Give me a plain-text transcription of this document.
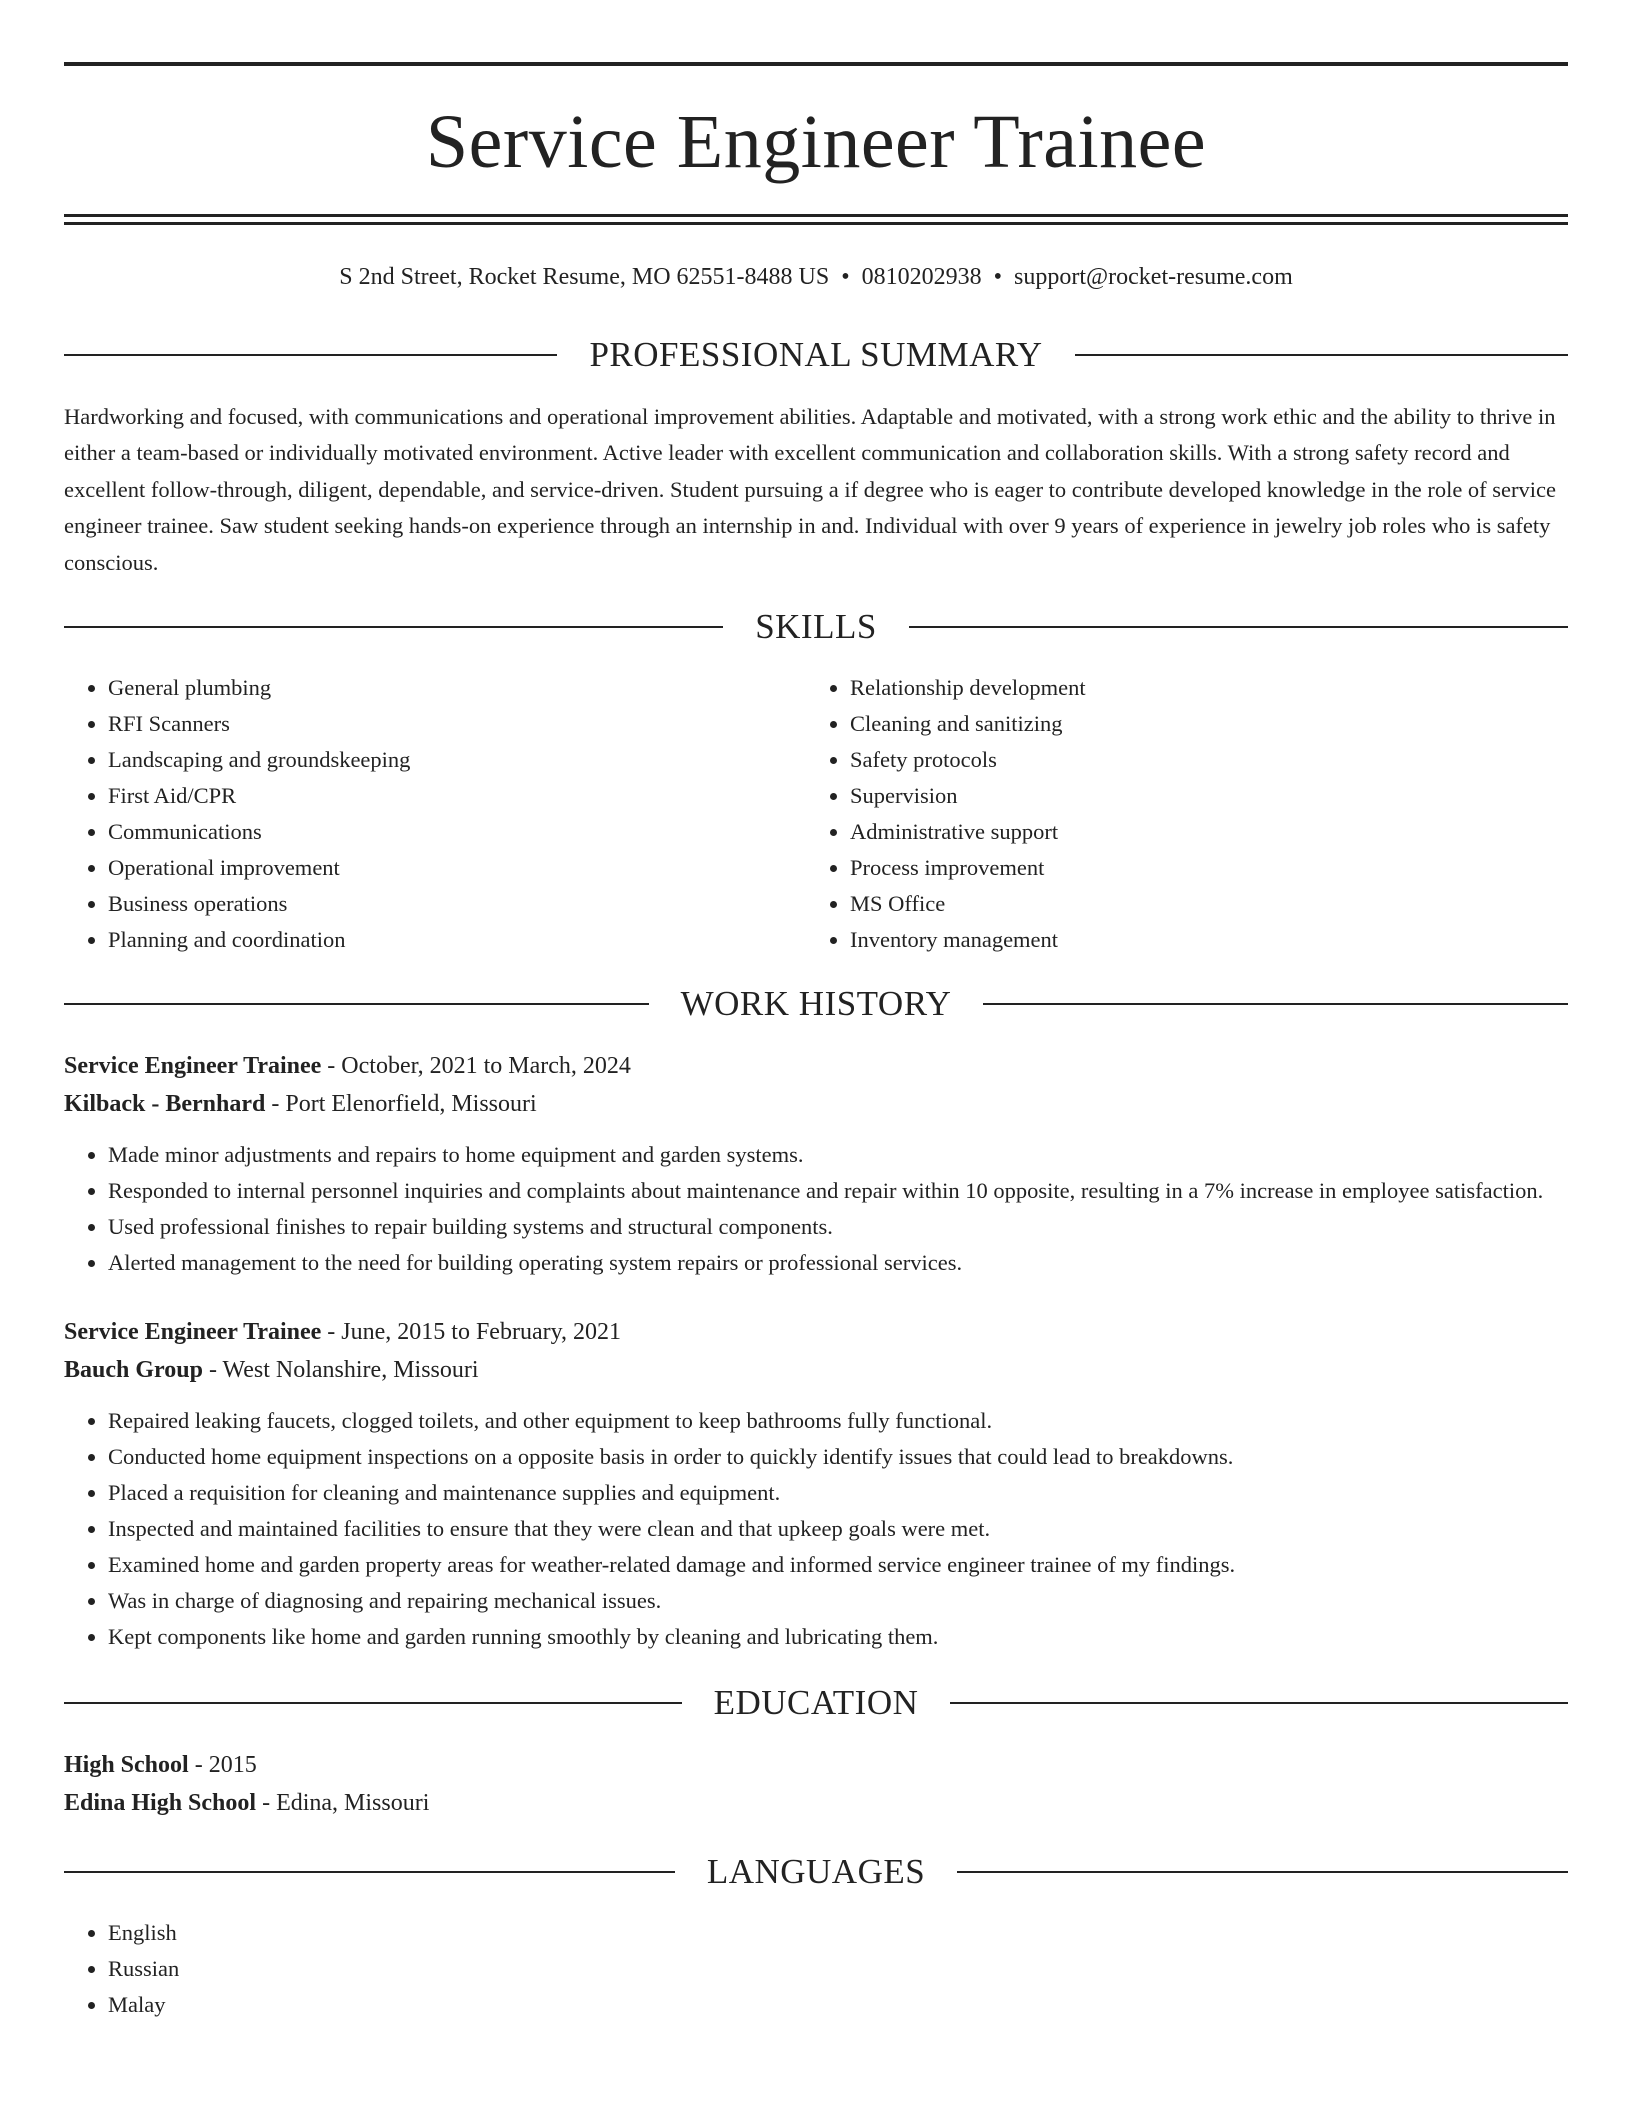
Service Engineer Trainee
S 2nd Street, Rocket Resume, MO 62551-8488 US • 0810202938 • support@rocket-resume.com
PROFESSIONAL SUMMARY

Hardworking and focused, with communications and operational improvement abilities. Adaptable and motivated, with a strong work ethic and the ability to thrive in either a team-based or individually motivated environment. Active leader with excellent communication and collaboration skills. With a strong safety record and excellent follow-through, diligent, dependable, and service-driven. Student pursuing a if degree who is eager to contribute developed knowledge in the role of service engineer trainee. Saw student seeking hands-on experience through an internship in and. Individual with over 9 years of experience in jewelry job roles who is safety conscious.

SKILLS
• General plumbing
• RFI Scanners
• Landscaping and groundskeeping
• First Aid/CPR
• Communications
• Operational improvement
• Business operations
• Planning and coordination
• Relationship development
• Cleaning and sanitizing
• Safety protocols
• Supervision
• Administrative support
• Process improvement
• MS Office
• Inventory management
WORK HISTORY
Service Engineer Trainee - October, 2021 to March, 2024
Kilback - Bernhard - Port Elenorfield, Missouri
• Made minor adjustments and repairs to home equipment and garden systems.
• Responded to internal personnel inquiries and complaints about maintenance and repair within 10 opposite, resulting in a 7% increase in employee satisfaction.
• Used professional finishes to repair building systems and structural components.
• Alerted management to the need for building operating system repairs or professional services.
Service Engineer Trainee - June, 2015 to February, 2021
Bauch Group - West Nolanshire, Missouri
• Repaired leaking faucets, clogged toilets, and other equipment to keep bathrooms fully functional.
• Conducted home equipment inspections on a opposite basis in order to quickly identify issues that could lead to breakdowns.
• Placed a requisition for cleaning and maintenance supplies and equipment.
• Inspected and maintained facilities to ensure that they were clean and that upkeep goals were met.
• Examined home and garden property areas for weather-related damage and informed service engineer trainee of my findings.
• Was in charge of diagnosing and repairing mechanical issues.
• Kept components like home and garden running smoothly by cleaning and lubricating them.
EDUCATION
High School - 2015
Edina High School - Edina, Missouri
LANGUAGES
• English
• Russian
• Malay
